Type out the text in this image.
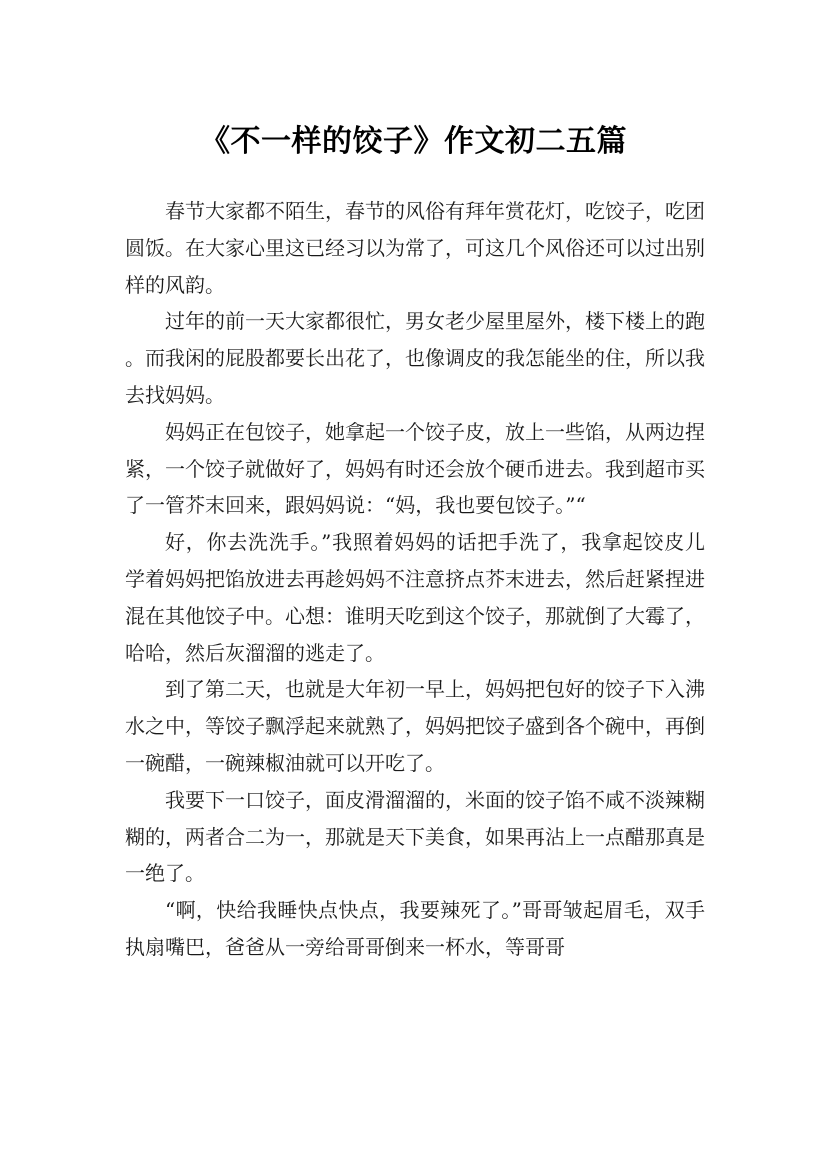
《不一样的饺子》作文初二五篇

春节大家都不陌生，春节的风俗有拜年赏花灯，吃饺子，吃团圆饭。在大家心里这已经习以为常了，可这几个风俗还可以过出别样的风韵。

过年的前一天大家都很忙，男女老少屋里屋外，楼下楼上的跑。而我闲的屁股都要长出花了，也像调皮的我怎能坐的住，所以我去找妈妈。

妈妈正在包饺子，她拿起一个饺子皮，放上一些馅，从两边捏紧，一个饺子就做好了，妈妈有时还会放个硬币进去。我到超市买了一管芥末回来，跟妈妈说：“妈，我也要包饺子。”“

好，你去洗洗手。”我照着妈妈的话把手洗了，我拿起饺皮儿学着妈妈把馅放进去再趁妈妈不注意挤点芥末进去，然后赶紧捏进混在其他饺子中。心想：谁明天吃到这个饺子，那就倒了大霉了，哈哈，然后灰溜溜的逃走了。

到了第二天，也就是大年初一早上，妈妈把包好的饺子下入沸水之中，等饺子飘浮起来就熟了，妈妈把饺子盛到各个碗中，再倒一碗醋，一碗辣椒油就可以开吃了。

我要下一口饺子，面皮滑溜溜的，米面的饺子馅不咸不淡辣糊糊的，两者合二为一，那就是天下美食，如果再沾上一点醋那真是一绝了。

“啊，快给我睡快点快点，我要辣死了。”哥哥皱起眉毛，双手执扇嘴巴，爸爸从一旁给哥哥倒来一杯水，等哥哥
